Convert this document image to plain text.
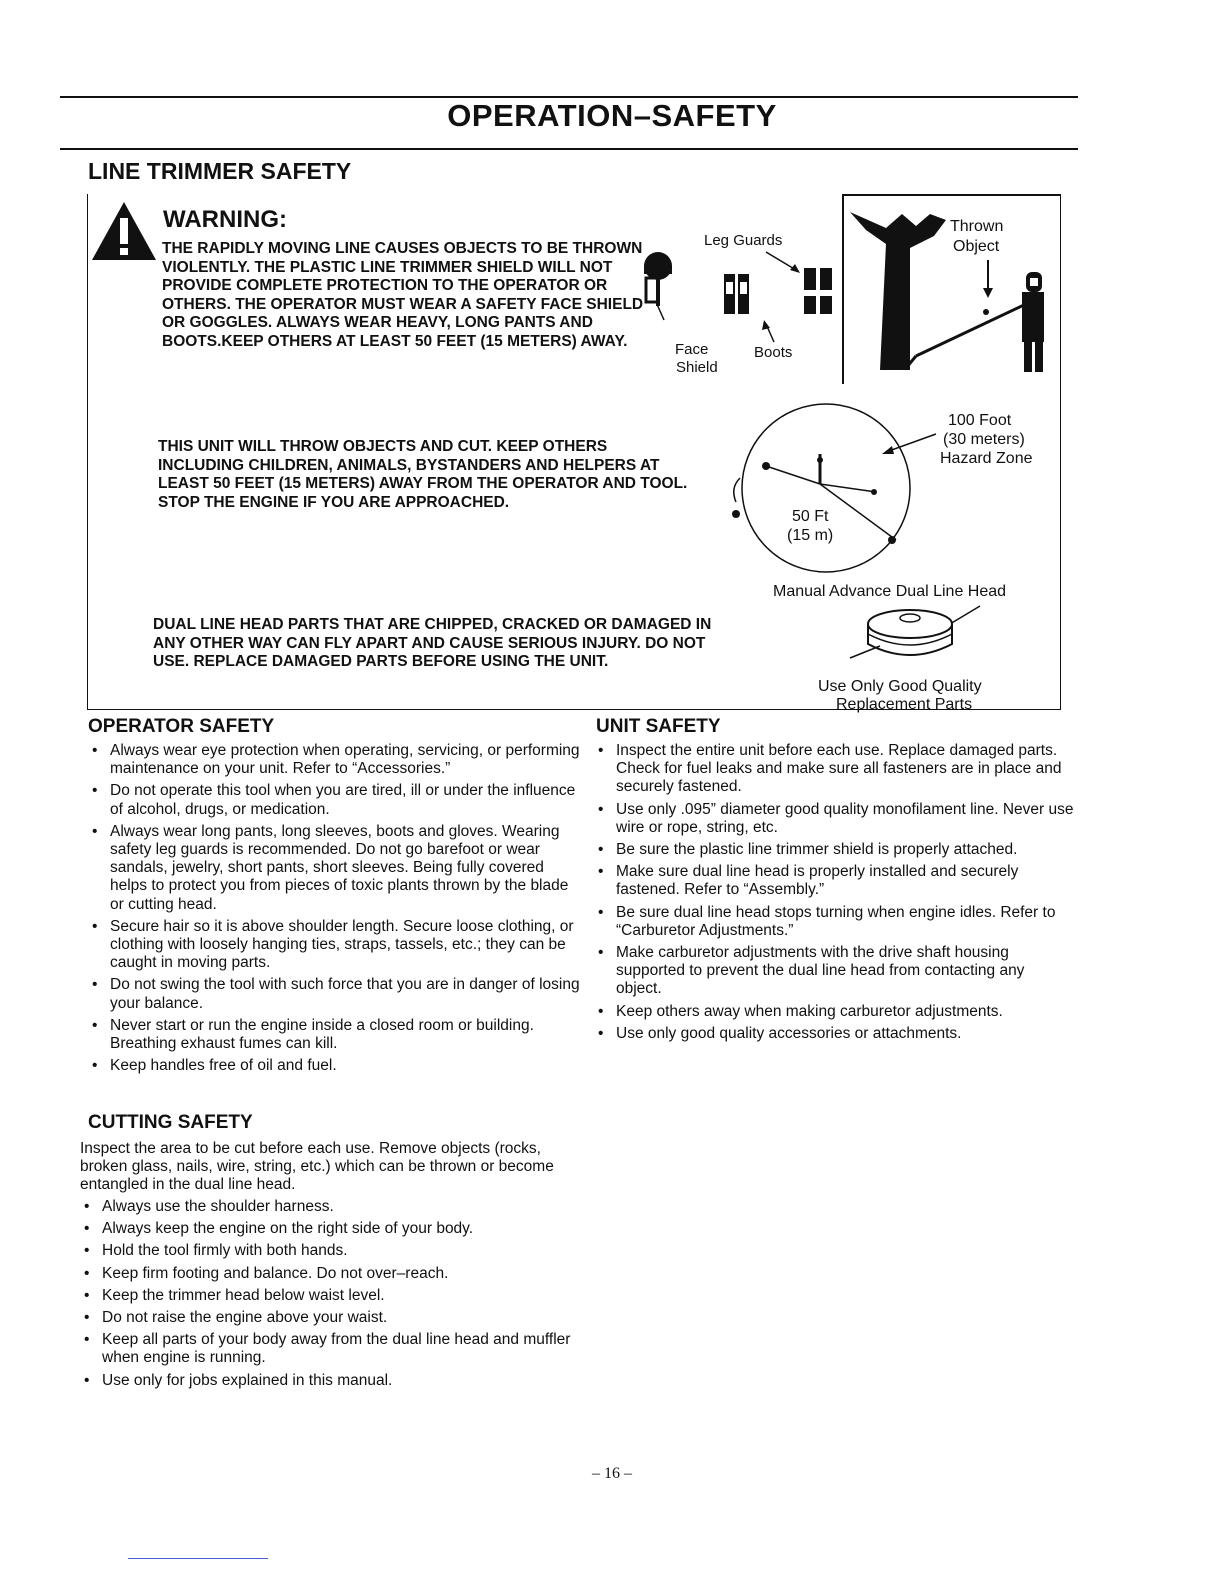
OPERATION–SAFETY
LINE TRIMMER SAFETY
WARNING:
THE RAPIDLY MOVING LINE CAUSES OBJECTS TO BE THROWN VIOLENTLY. THE PLASTIC LINE TRIMMER SHIELD WILL NOT PROVIDE COMPLETE PROTECTION TO THE OPERATOR OR OTHERS. THE OPERATOR MUST WEAR A SAFETY FACE SHIELD OR GOGGLES. ALWAYS WEAR HEAVY, LONG PANTS AND BOOTS.KEEP OTHERS AT LEAST 50 FEET (15 METERS) AWAY.
THIS UNIT WILL THROW OBJECTS AND CUT. KEEP OTHERS INCLUDING CHILDREN, ANIMALS, BYSTANDERS AND HELPERS AT LEAST 50 FEET (15 METERS) AWAY FROM THE OPERATOR AND TOOL. STOP THE ENGINE IF YOU ARE APPROACHED.
DUAL LINE HEAD PARTS THAT ARE CHIPPED, CRACKED OR DAMAGED IN ANY OTHER WAY CAN FLY APART AND CAUSE SERIOUS INJURY. DO NOT USE. REPLACE DAMAGED PARTS BEFORE USING THE UNIT.
Leg Guards
Face
Shield
Boots
Thrown
Object
100 Foot
(30 meters)
Hazard Zone
50 Ft
(15 m)
Manual Advance Dual Line Head
Use Only Good Quality
Replacement Parts
OPERATOR SAFETY
• Always wear eye protection when operating, servicing, or performing maintenance on your unit. Refer to “Accessories.”
• Do not operate this tool when you are tired, ill or under the influence of alcohol, drugs, or medication.
• Always wear long pants, long sleeves, boots and gloves. Wearing safety leg guards is recommended. Do not go barefoot or wear sandals, jewelry, short pants, short sleeves. Being fully covered helps to protect you from pieces of toxic plants thrown by the blade or cutting head.
• Secure hair so it is above shoulder length. Secure loose clothing, or clothing with loosely hanging ties, straps, tassels, etc.; they can be caught in moving parts.
• Do not swing the tool with such force that you are in danger of losing your balance.
• Never start or run the engine inside a closed room or building. Breathing exhaust fumes can kill.
• Keep handles free of oil and fuel.
UNIT SAFETY
• Inspect the entire unit before each use. Replace damaged parts. Check for fuel leaks and make sure all fasteners are in place and securely fastened.
• Use only .095” diameter good quality monofilament line. Never use wire or rope, string, etc.
• Be sure the plastic line trimmer shield is properly attached.
• Make sure dual line head is properly installed and securely fastened. Refer to “Assembly.”
• Be sure dual line head stops turning when engine idles. Refer to “Carburetor Adjustments.”
• Make carburetor adjustments with the drive shaft housing supported to prevent the dual line head from contacting any object.
• Keep others away when making carburetor adjustments.
• Use only good quality accessories or attachments.
CUTTING SAFETY
Inspect the area to be cut before each use. Remove objects (rocks, broken glass, nails, wire, string, etc.) which can be thrown or become entangled in the dual line head.
• Always use the shoulder harness.
• Always keep the engine on the right side of your body.
• Hold the tool firmly with both hands.
• Keep firm footing and balance. Do not over–reach.
• Keep the trimmer head below waist level.
• Do not raise the engine above your waist.
• Keep all parts of your body away from the dual line head and muffler when engine is running.
• Use only for jobs explained in this manual.
– 16 –
